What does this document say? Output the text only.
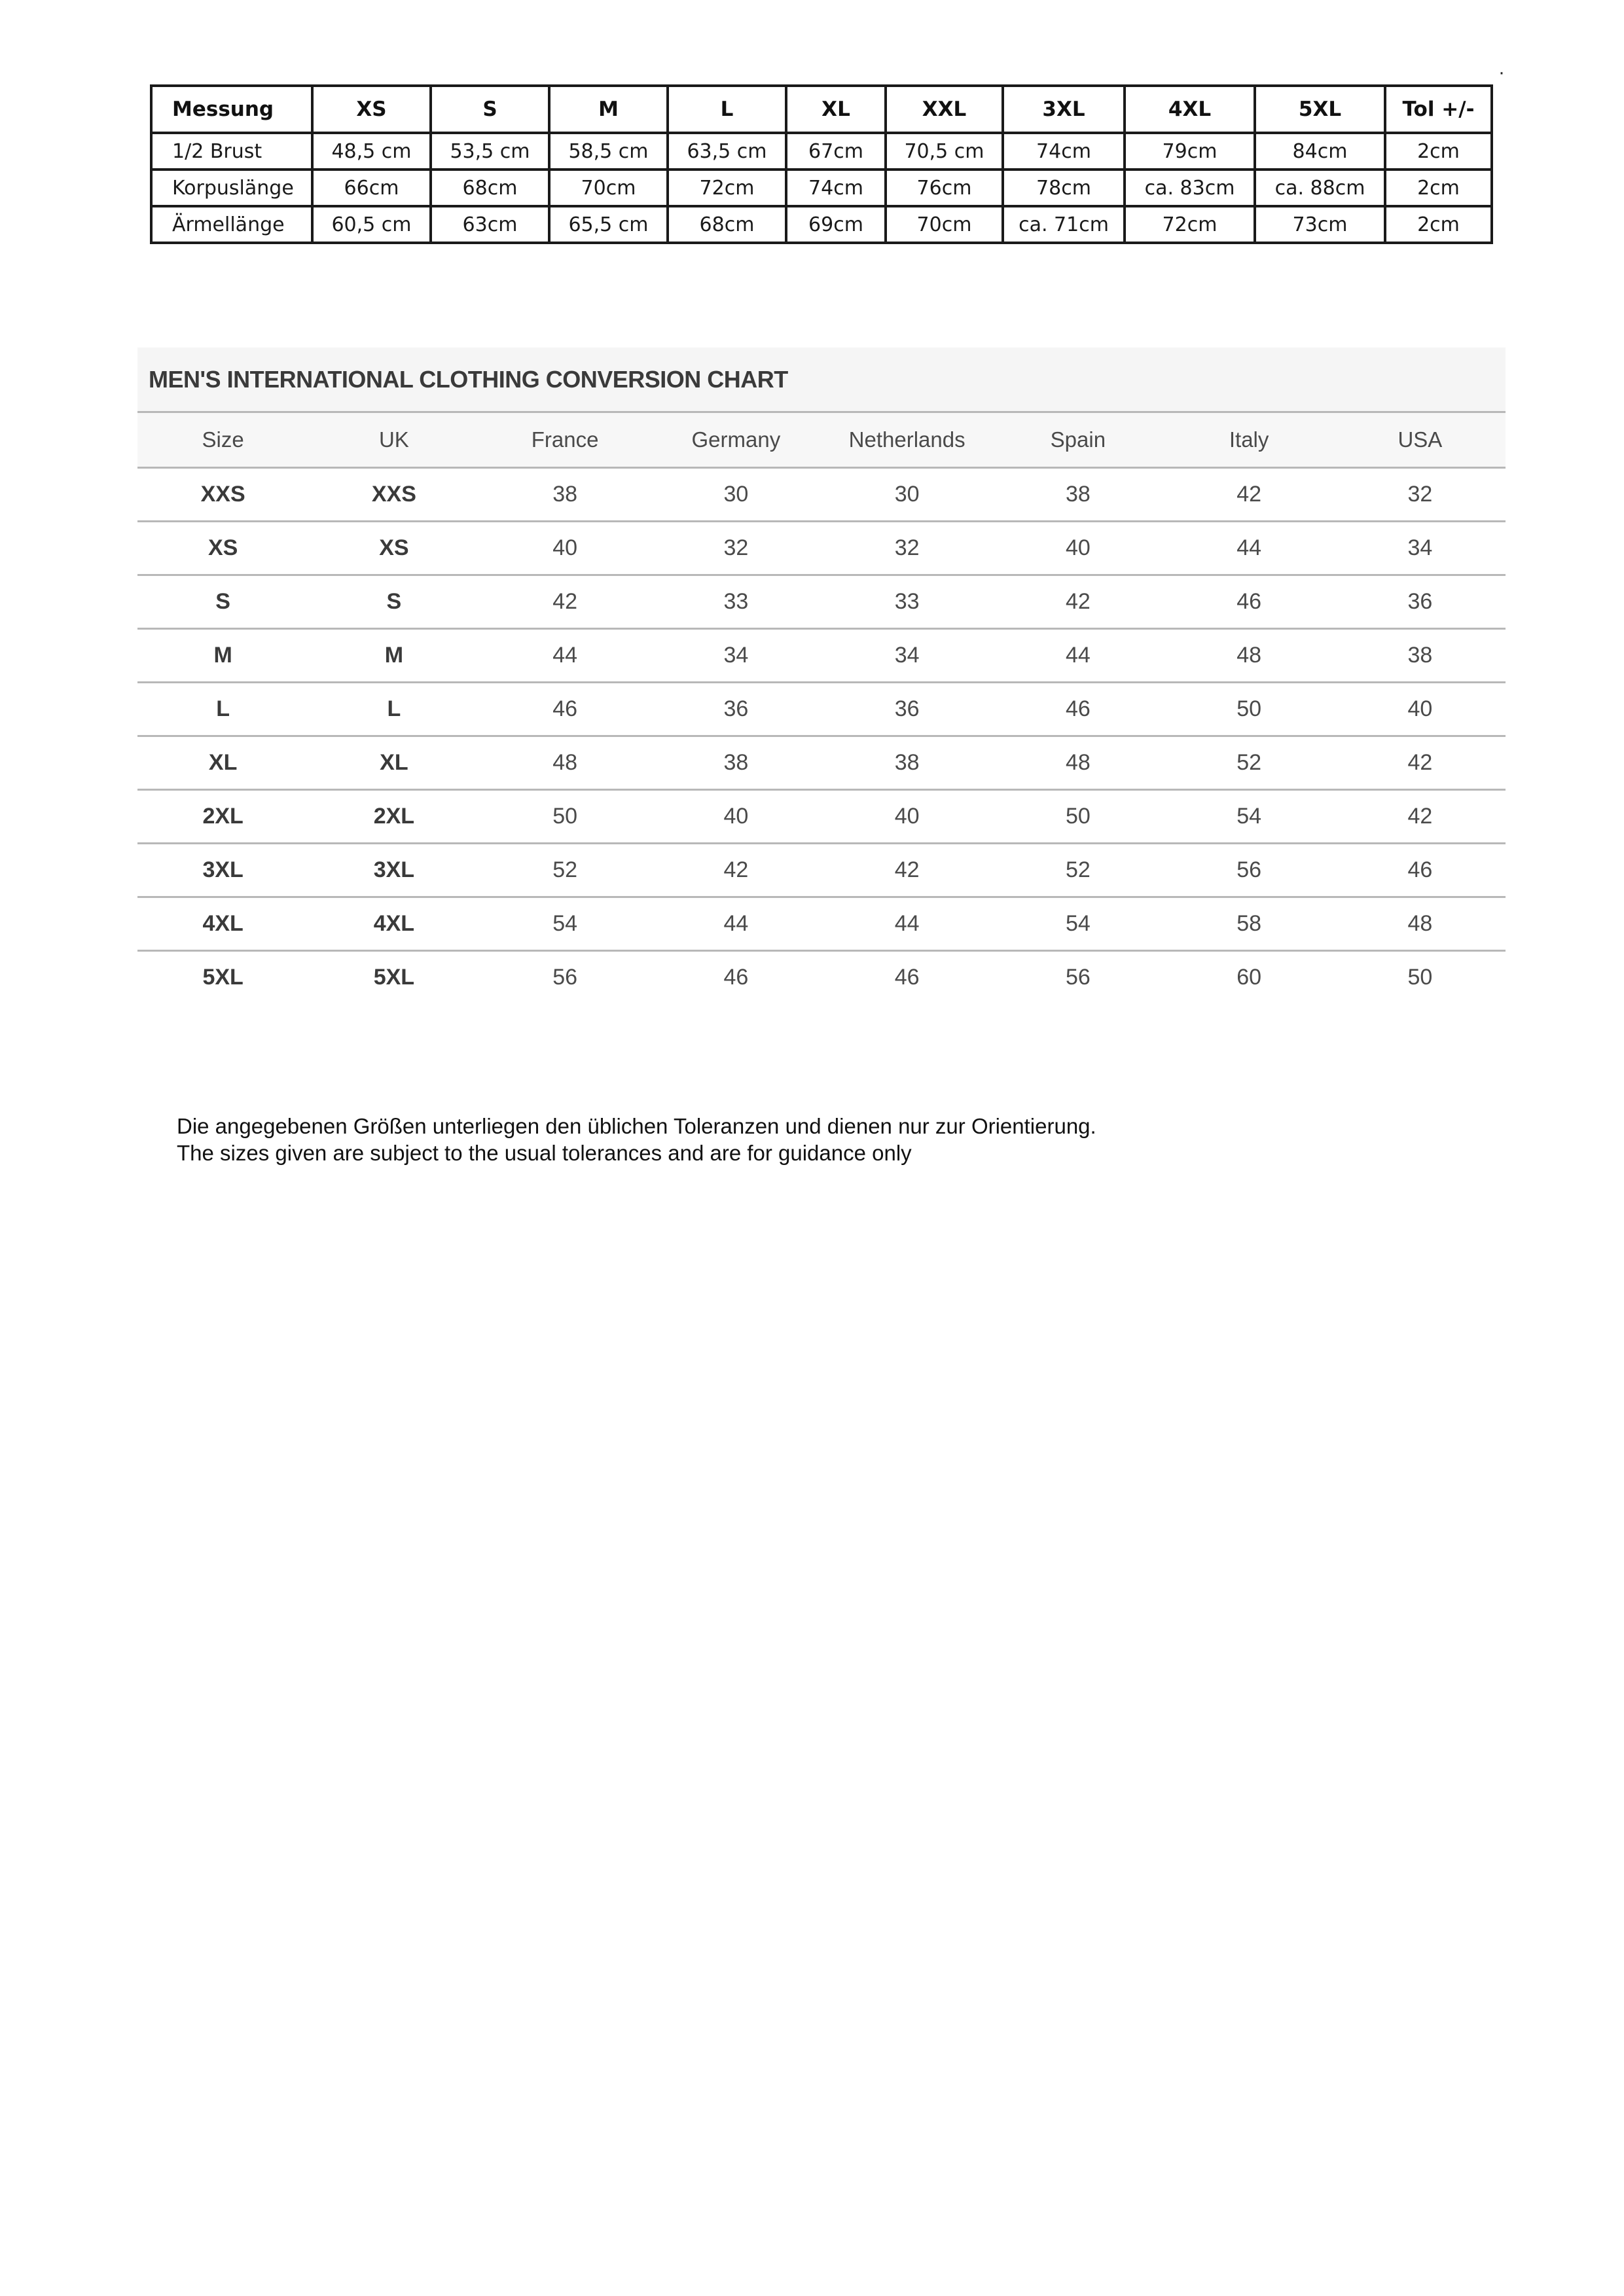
·
Messung	XS	S	M	L	XL	XXL	3XL	4XL	5XL	Tol +/-
1/2 Brust	48,5 cm	53,5 cm	58,5 cm	63,5 cm	67cm	70,5 cm	74cm	79cm	84cm	2cm
Korpuslänge	66cm	68cm	70cm	72cm	74cm	76cm	78cm	ca. 83cm	ca. 88cm	2cm
Ärmellänge	60,5 cm	63cm	65,5 cm	68cm	69cm	70cm	ca. 71cm	72cm	73cm	2cm
MEN'S INTERNATIONAL CLOTHING CONVERSION CHART
Size	UK	France	Germany	Netherlands	Spain	Italy	USA
XXS	XXS	38	30	30	38	42	32
XS	XS	40	32	32	40	44	34
S	S	42	33	33	42	46	36
M	M	44	34	34	44	48	38
L	L	46	36	36	46	50	40
XL	XL	48	38	38	48	52	42
2XL	2XL	50	40	40	50	54	42
3XL	3XL	52	42	42	52	56	46
4XL	4XL	54	44	44	54	58	48
5XL	5XL	56	46	46	56	60	50
Die angegebenen Größen unterliegen den üblichen Toleranzen und dienen nur zur Orientierung.
The sizes given are subject to the usual tolerances and are for guidance only
